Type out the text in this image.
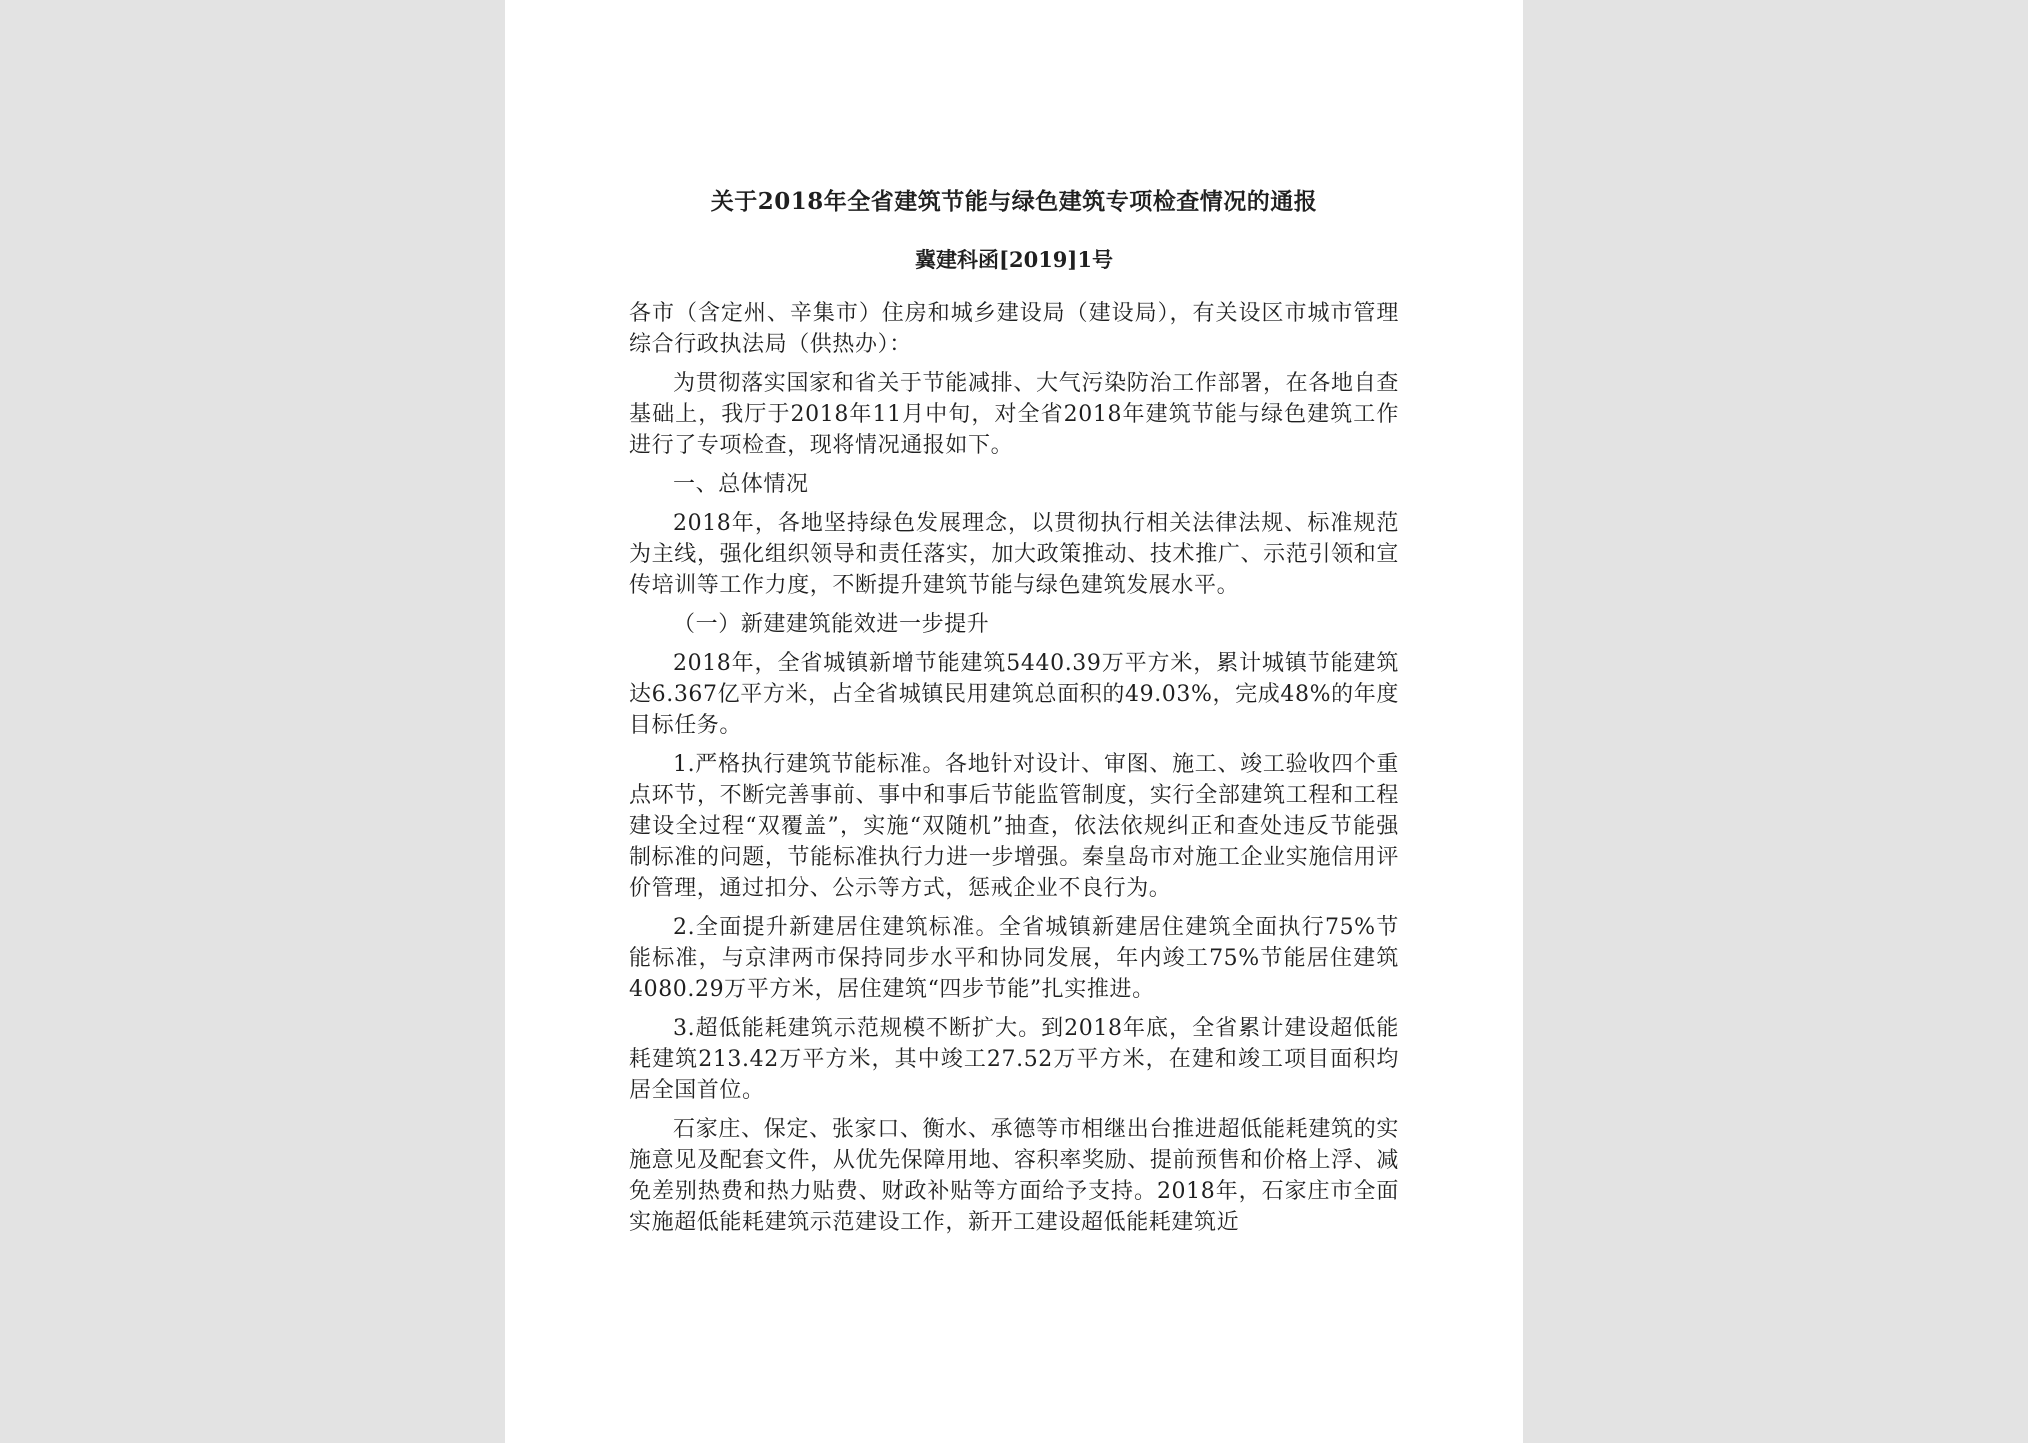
关于2018年全省建筑节能与绿色建筑专项检查情况的通报
冀建科函[2019]1号

各市（含定州、辛集市）住房和城乡建设局（建设局），有关设区市城市管理综合行政执法局（供热办）：

为贯彻落实国家和省关于节能减排、大气污染防治工作部署，在各地自查基础上，我厅于2018年11月中旬，对全省2018年建筑节能与绿色建筑工作进行了专项检查，现将情况通报如下。

一、总体情况

2018年，各地坚持绿色发展理念，以贯彻执行相关法律法规、标准规范为主线，强化组织领导和责任落实，加大政策推动、技术推广、示范引领和宣传培训等工作力度，不断提升建筑节能与绿色建筑发展水平。

（一）新建建筑能效进一步提升

2018年，全省城镇新增节能建筑5440.39万平方米，累计城镇节能建筑达6.367亿平方米，占全省城镇民用建筑总面积的49.03%，完成48%的年度目标任务。

1.严格执行建筑节能标准。各地针对设计、审图、施工、竣工验收四个重点环节，不断完善事前、事中和事后节能监管制度，实行全部建筑工程和工程建设全过程“双覆盖”，实施“双随机”抽查，依法依规纠正和查处违反节能强制标准的问题，节能标准执行力进一步增强。秦皇岛市对施工企业实施信用评价管理，通过扣分、公示等方式，惩戒企业不良行为。

2.全面提升新建居住建筑标准。全省城镇新建居住建筑全面执行75%节能标准，与京津两市保持同步水平和协同发展，年内竣工75%节能居住建筑4080.29万平方米，居住建筑“四步节能”扎实推进。

3.超低能耗建筑示范规模不断扩大。到2018年底，全省累计建设超低能耗建筑213.42万平方米，其中竣工27.52万平方米，在建和竣工项目面积均居全国首位。

石家庄、保定、张家口、衡水、承德等市相继出台推进超低能耗建筑的实施意见及配套文件，从优先保障用地、容积率奖励、提前预售和价格上浮、减免差别热费和热力贴费、财政补贴等方面给予支持。2018年，石家庄市全面实施超低能耗建筑示范建设工作，新开工建设超低能耗建筑近
